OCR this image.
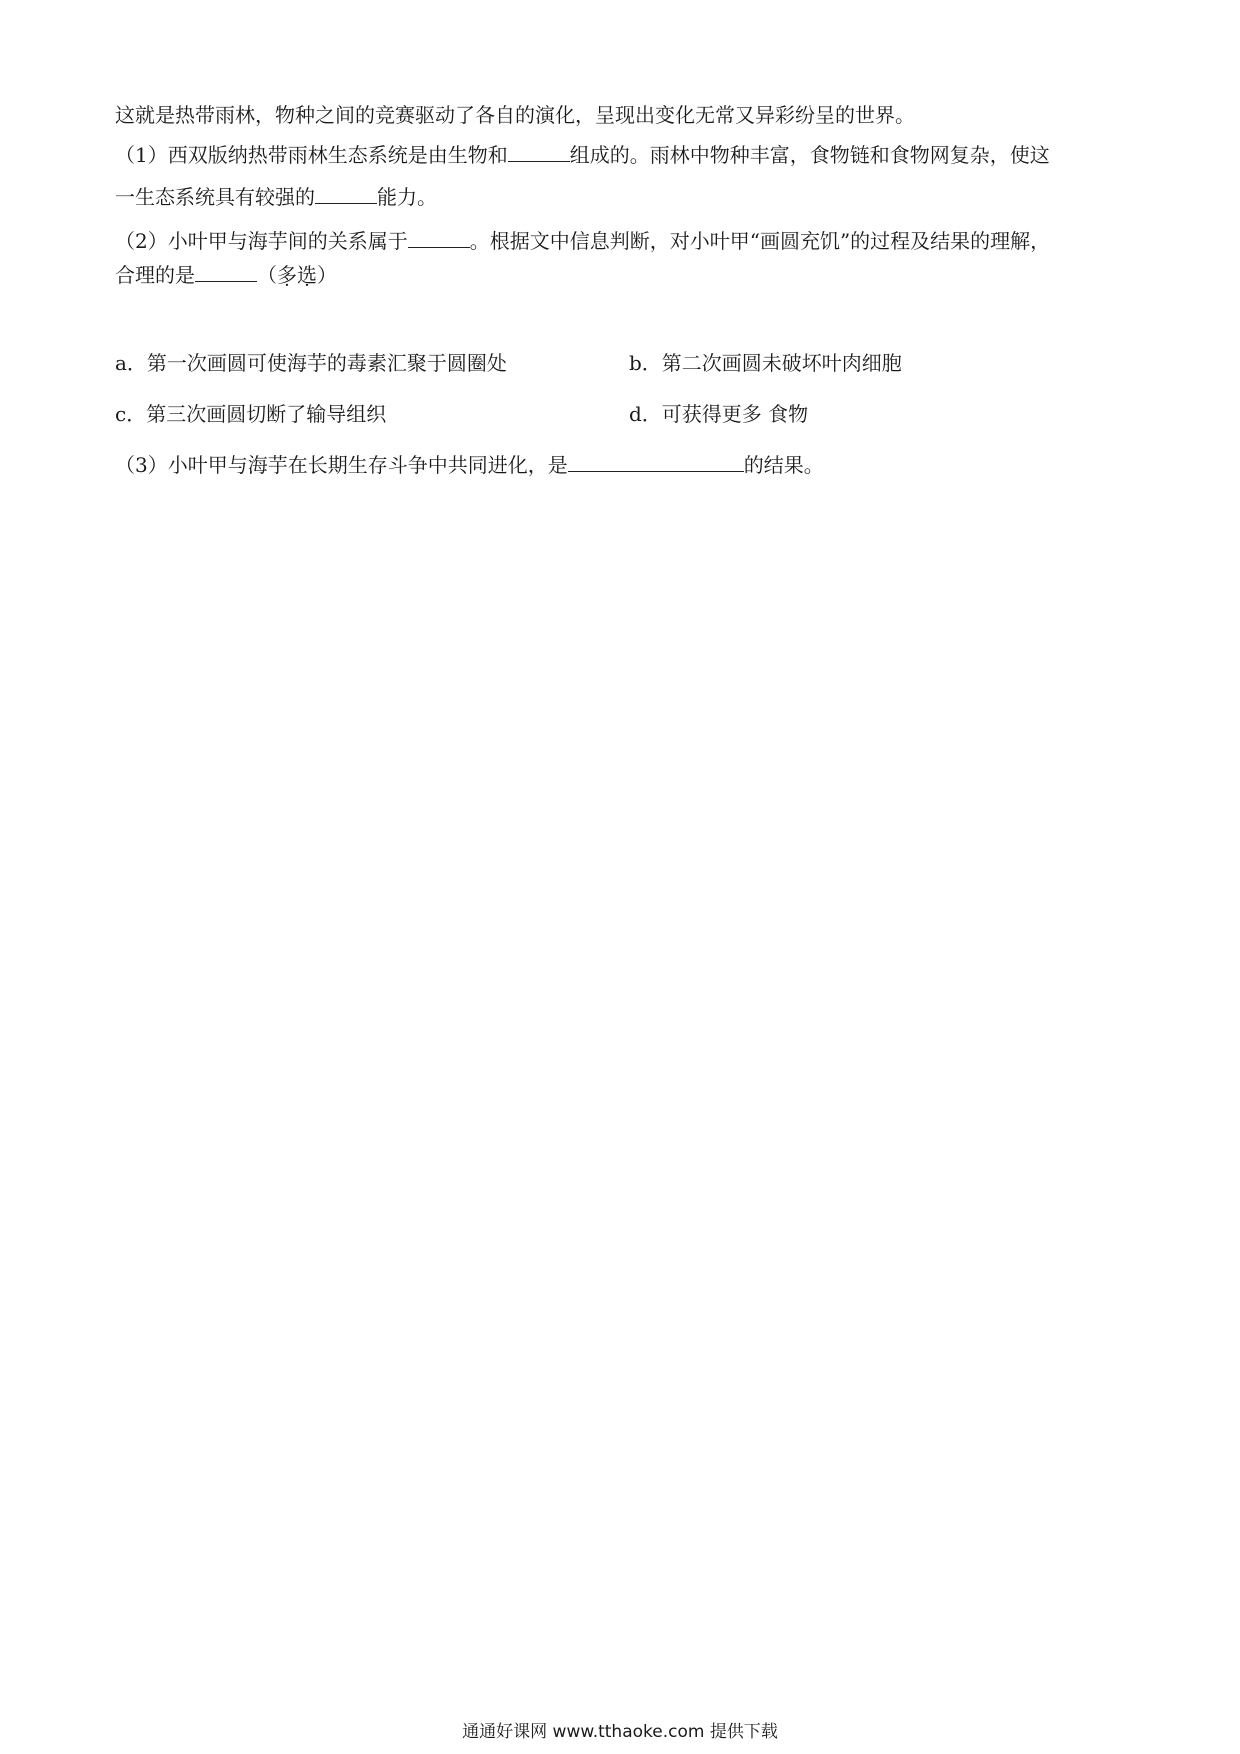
这就是热带雨林，物种之间的竞赛驱动了各自的演化，呈现出变化无常又异彩纷呈的世界。
（1）西双版纳热带雨林生态系统是由生物和	组成的。雨林中物种丰富，食物链和食物网复杂，使这
一生态系统具有较强的	能力。
（2）小叶甲与海芋间的关系属于	。根据文中信息判断，对小叶甲“画圆充饥”的过程及结果的理解，
合理的是	（多选）
a．第一次画圆可使海芋的毒素汇聚于圆圈处	b．第二次画圆未破坏叶肉细胞
c．第三次画圆切断了输导组织	d．可获得更多 食物
（3）小叶甲与海芋在长期生存斗争中共同进化，是	的结果。
通通好课网 www.tthaoke.com 提供下载
